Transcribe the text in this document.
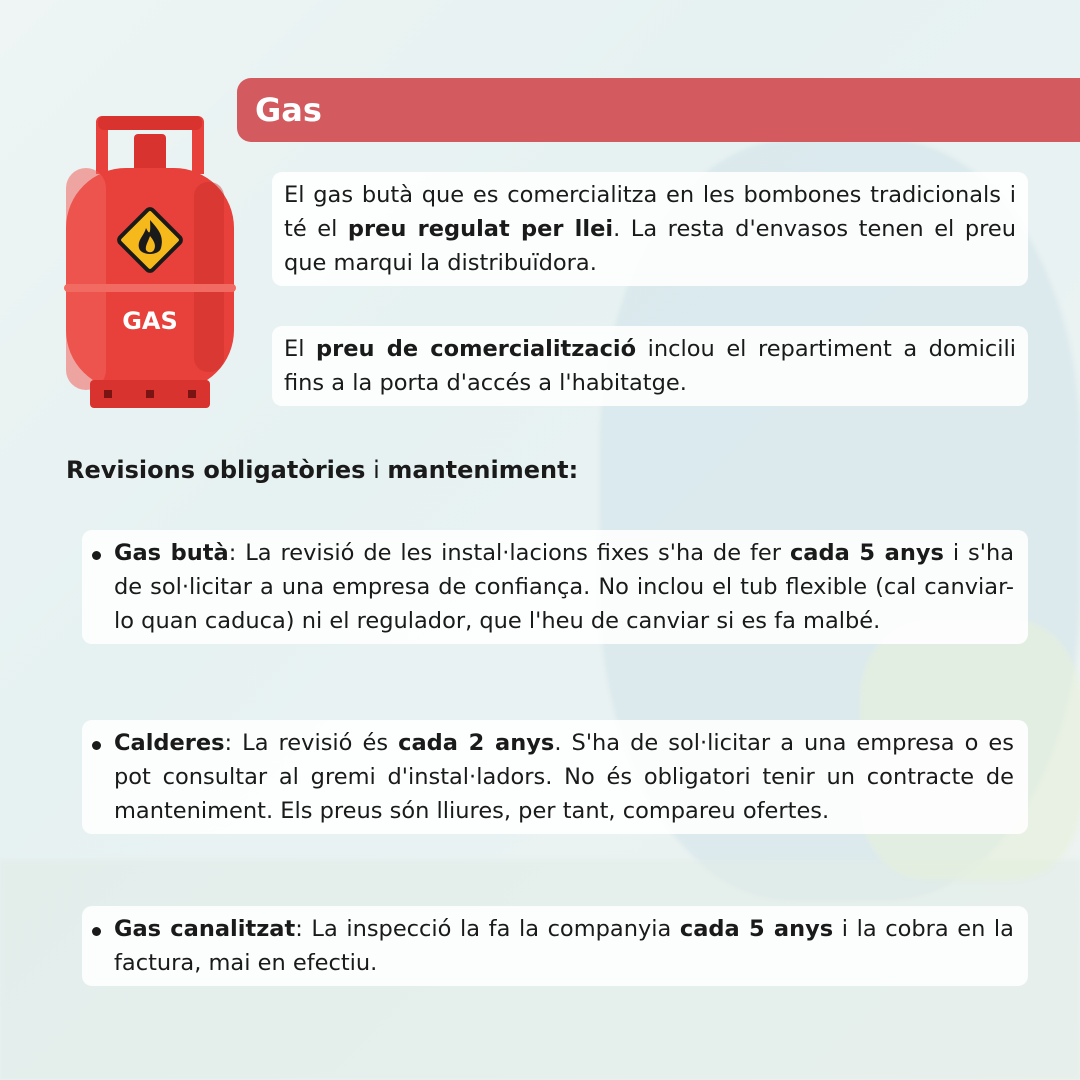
Gas
GAS
El gas butà que es comercialitza en les bombones tradicionals i té el preu regulat per llei. La resta d'envasos tenen el preu que marqui la distribuïdora.
El preu de comercialització inclou el repartiment a domicili fins a la porta d'accés a l'habitatge.
Revisions obligatòries i manteniment:
Gas butà: La revisió de les instal·lacions fixes s'ha de fer cada 5 anys i s'ha de sol·licitar a una empresa de confiança. No inclou el tub flexible (cal canviar-lo quan caduca) ni el regulador, que l'heu de canviar si es fa malbé.
Calderes: La revisió és cada 2 anys. S'ha de sol·licitar a una empresa o es pot consultar al gremi d'instal·ladors. No és obligatori tenir un contracte de manteniment. Els preus són lliures, per tant, compareu ofertes.
Gas canalitzat: La inspecció la fa la companyia cada 5 anys i la cobra en la factura, mai en efectiu.
